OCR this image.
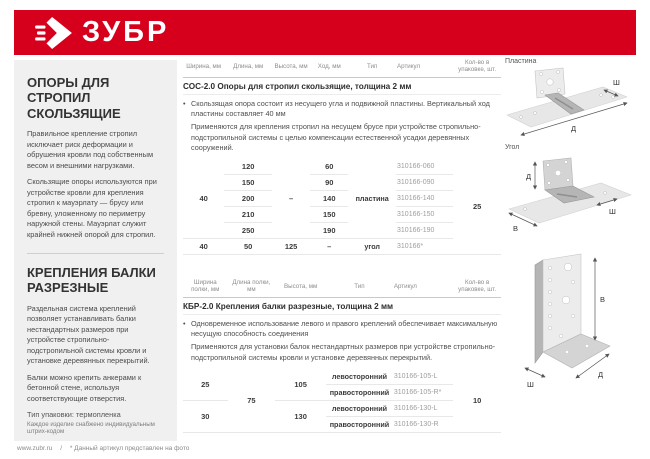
ЗУБР
ОПОРЫ ДЛЯ СТРОПИЛ СКОЛЬЗЯЩИЕ

Правильное крепление стропил исключает риск деформации и обрушения кровли под собственным весом и внешними нагрузками.

Скользящие опоры используются при устройстве кровли для крепления стропил к мауэрлату — брусу или бревну, уложенному по периметру наружной стены. Мауэрлат служит крайней нижней опорой для стропил.

КРЕПЛЕНИЯ БАЛКИ РАЗРЕЗНЫЕ

Раздельная система креплений позволяет устанавливать балки нестандартных размеров при устройстве стропильно-подстропильной системы кровли и установке деревянных перекрытий.

Балки можно крепить анкерами к бетонной стене, используя соответствующие отверстия.

Тип упаковки: термопленка
Каждое изделие снабжено индивидуальным штрих-кодом
Ширина, мм	Длина, мм	Высота, мм	Ход, мм	Тип	Артикул	Кол-во в упаковке, шт.
СОС-2.0 Опоры для стропил скользящие, толщина 2 мм						

• Скользящая опора состоит из несущего угла и подвижной пластины. Вертикальный ход пластины составляет 40 мм
Применяются для крепления стропил на несущем брусе при устройстве стропильно-подстропильной системы с целью компенсации естественной усадки деревянных сооружений.

40	120	–	60	пластина	310166-060	25
	150		90		310166-090	
	200		140		310166-140	
	210		150		310166-150	
	250		190		310166-190	
40	50	125	–	угол	310166*	
Ширина полки, мм	Длина полки, мм	Высота, мм	Тип	Артикул	Кол-во в упаковке, шт.
КБР-2.0 Крепления балки разрезные, толщина 2 мм					

• Одновременное использование левого и правого креплений обеспечивает максимальную несущую способность соединения
Применяются для установки балок нестандартных размеров при устройстве стропильно-подстропильной системы кровли и установке деревянных перекрытий.

25	75	105	левосторонний	310166-105-L	10
			правосторонний	310166-105-R*	
30		130	левосторонний	310166-130-L	
			правосторонний	310166-130-R	
Пластина
Ш
Д
Угол
Д
В
Ш
В
Д
Ш
www.zubr.ru / * Данный артикул представлен на фото
